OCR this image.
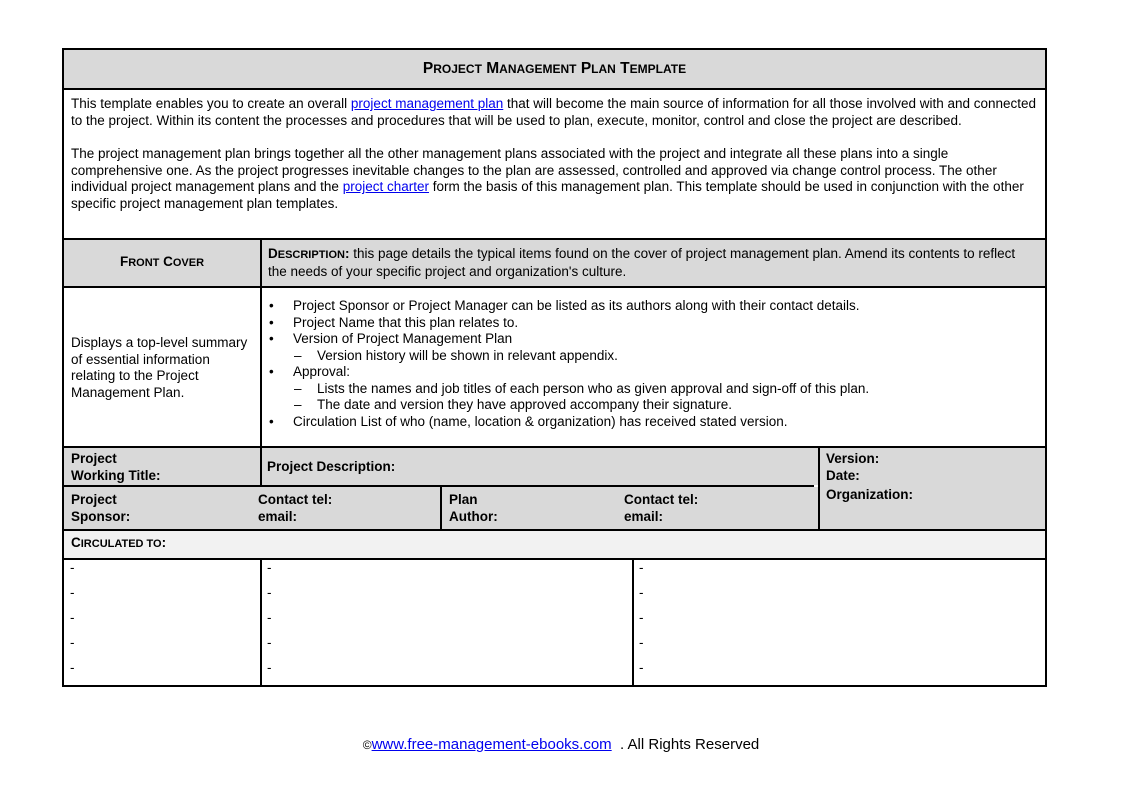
PROJECT MANAGEMENT PLAN TEMPLATE

This template enables you to create an overall project management plan that will become the main source of information for all those involved with and connected to the project. Within its content the processes and procedures that will be used to plan, execute, monitor, control and close the project are described.

The project management plan brings together all the other management plans associated with the project and integrate all these plans into a single comprehensive one. As the project progresses inevitable changes to the plan are assessed, controlled and approved via change control process. The other individual project management plans and the project charter form the basis of this management plan. This template should be used in conjunction with the other specific project management plan templates.

FRONT COVER
DESCRIPTION: this page details the typical items found on the cover of project management plan. Amend its contents to reflect the needs of your specific project and organization's culture.
Displays a top-level summary of essential information relating to the Project Management Plan.
• Project Sponsor or Project Manager can be listed as its authors along with their contact details.
• Project Name that this plan relates to.
• Version of Project Management Plan
– Version history will be shown in relevant appendix.
• Approval:
– Lists the names and job titles of each person who as given approval and sign-off of this plan.
– The date and version they have approved accompany their signature.
• Circulation List of who (name, location & organization) has received stated version.
Project
Working Title:
Project Description:
Version:
Date:
Project
Sponsor:
Contact tel:
email:
Plan
Author:
Contact tel:
email:
Organization:
CIRCULATED TO:
-
-
-
-
-
-
-
-
-
-
-
-
-
-
-
©www.free-management-ebooks.com  . All Rights Reserved
